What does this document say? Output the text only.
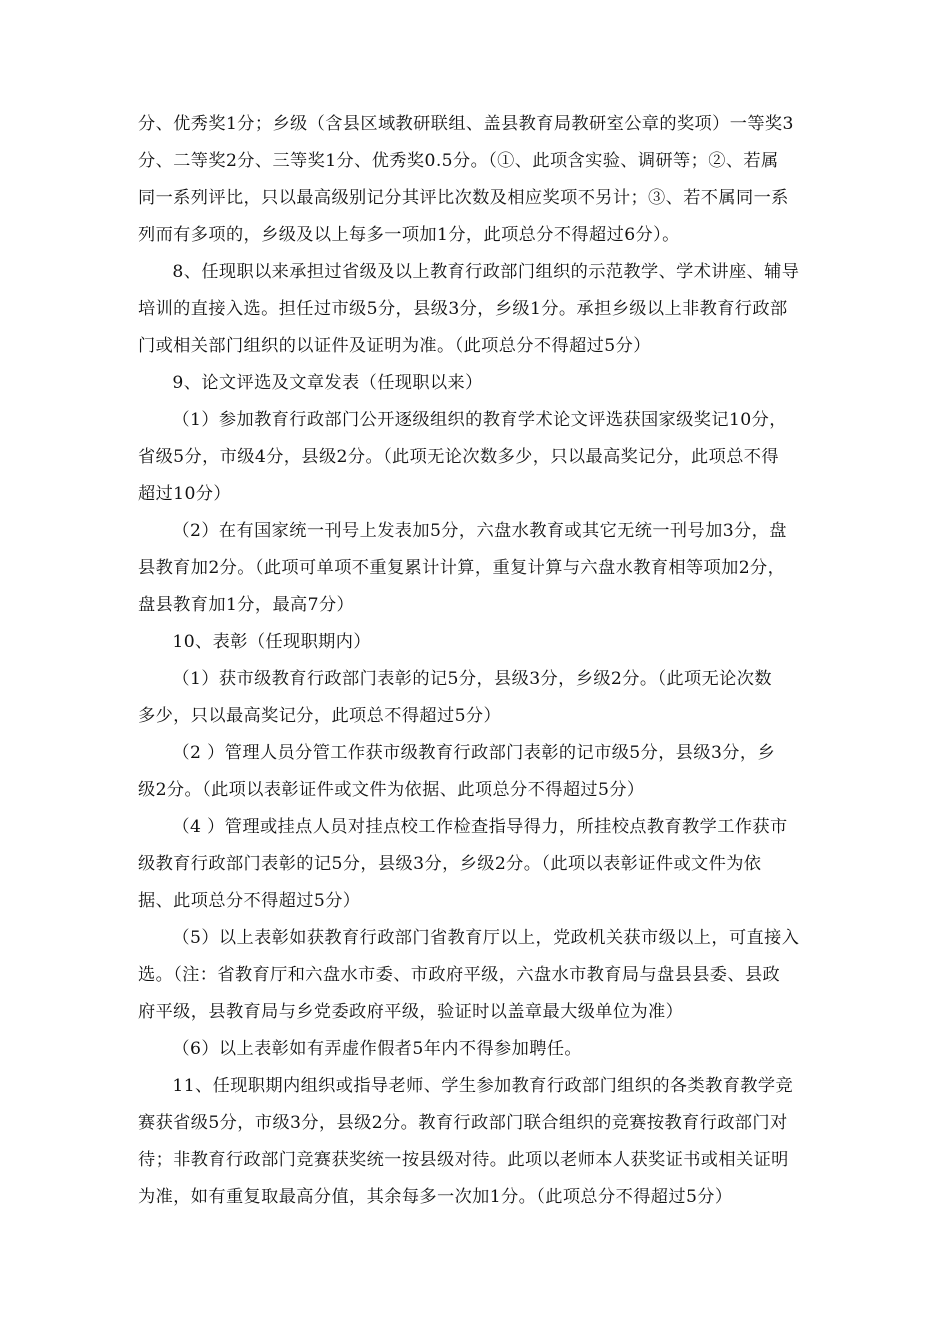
分、优秀奖1分；乡级（含县区域教研联组、盖县教育局教研室公章的奖项）一等奖3
分、二等奖2分、三等奖1分、优秀奖0.5分。（①、此项含实验、调研等；②、若属
同一系列评比，只以最高级别记分其评比次数及相应奖项不另计；③、若不属同一系
列而有多项的，乡级及以上每多一项加1分，此项总分不得超过6分）。

8、任现职以来承担过省级及以上教育行政部门组织的示范教学、学术讲座、辅导
培训的直接入选。担任过市级5分，县级3分，乡级1分。承担乡级以上非教育行政部
门或相关部门组织的以证件及证明为准。（此项总分不得超过5分）

9、论文评选及文章发表（任现职以来）

（1）参加教育行政部门公开逐级组织的教育学术论文评选获国家级奖记10分，
省级5分，市级4分，县级2分。（此项无论次数多少，只以最高奖记分，此项总不得
超过10分）

（2）在有国家统一刊号上发表加5分，六盘水教育或其它无统一刊号加3分，盘
县教育加2分。（此项可单项不重复累计计算，重复计算与六盘水教育相等项加2分，
盘县教育加1分，最高7分）

10、表彰（任现职期内）

（1）获市级教育行政部门表彰的记5分，县级3分，乡级2分。（此项无论次数
多少，只以最高奖记分，此项总不得超过5分）

（2 ）管理人员分管工作获市级教育行政部门表彰的记市级5分，县级3分，乡
级2分。（此项以表彰证件或文件为依据、此项总分不得超过5分）

（4 ）管理或挂点人员对挂点校工作检查指导得力，所挂校点教育教学工作获市
级教育行政部门表彰的记5分，县级3分，乡级2分。（此项以表彰证件或文件为依
据、此项总分不得超过5分）

（5）以上表彰如获教育行政部门省教育厅以上，党政机关获市级以上，可直接入
选。（注：省教育厅和六盘水市委、市政府平级，六盘水市教育局与盘县县委、县政
府平级，县教育局与乡党委政府平级，验证时以盖章最大级单位为准）

（6）以上表彰如有弄虚作假者5年内不得参加聘任。

11、任现职期内组织或指导老师、学生参加教育行政部门组织的各类教育教学竞
赛获省级5分，市级3分，县级2分。教育行政部门联合组织的竞赛按教育行政部门对
待；非教育行政部门竞赛获奖统一按县级对待。此项以老师本人获奖证书或相关证明
为准，如有重复取最高分值，其余每多一次加1分。（此项总分不得超过5分）
